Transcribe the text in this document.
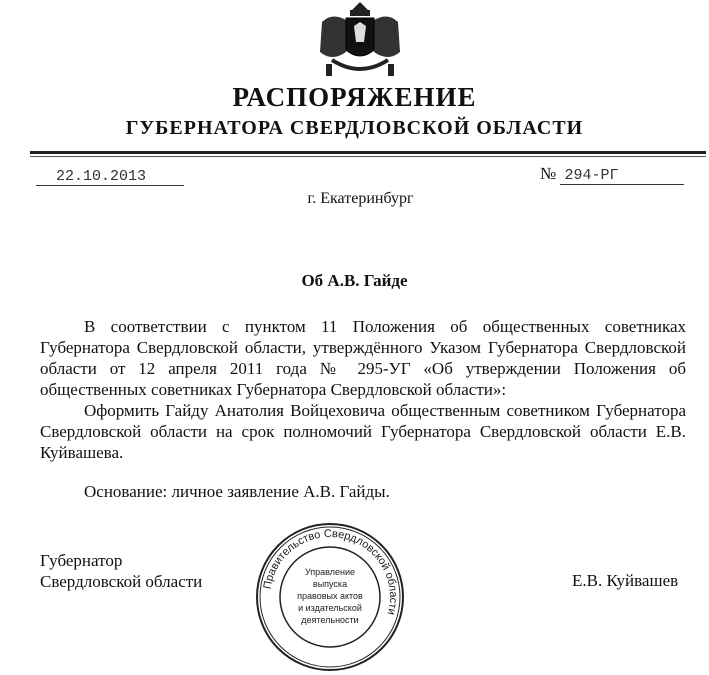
РАСПОРЯЖЕНИЕ
ГУБЕРНАТОРА СВЕРДЛОВСКОЙ ОБЛАСТИ
22.10.2013	№ 294-РГ
г. Екатеринбург
Об А.В. Гайде

В соответствии с пунктом 11 Положения об общественных советниках Губернатора Свердловской области, утверждённого Указом Губернатора Свердловской области от 12 апреля 2011 года № 295-УГ «Об утверждении Положения об общественных советниках Губернатора Свердловской области»:

Оформить Гайду Анатолия Войцеховича общественным советником Губернатора Свердловской области на срок полномочий Губернатора Свердловской области Е.В. Куйвашева.

Основание: личное заявление А.В. Гайды.

Губернатор
Свердловской области	Е.В. Куйвашев
Правительство Свердловской области
Управление
выпуска
правовых актов
и издательской
деятельности
